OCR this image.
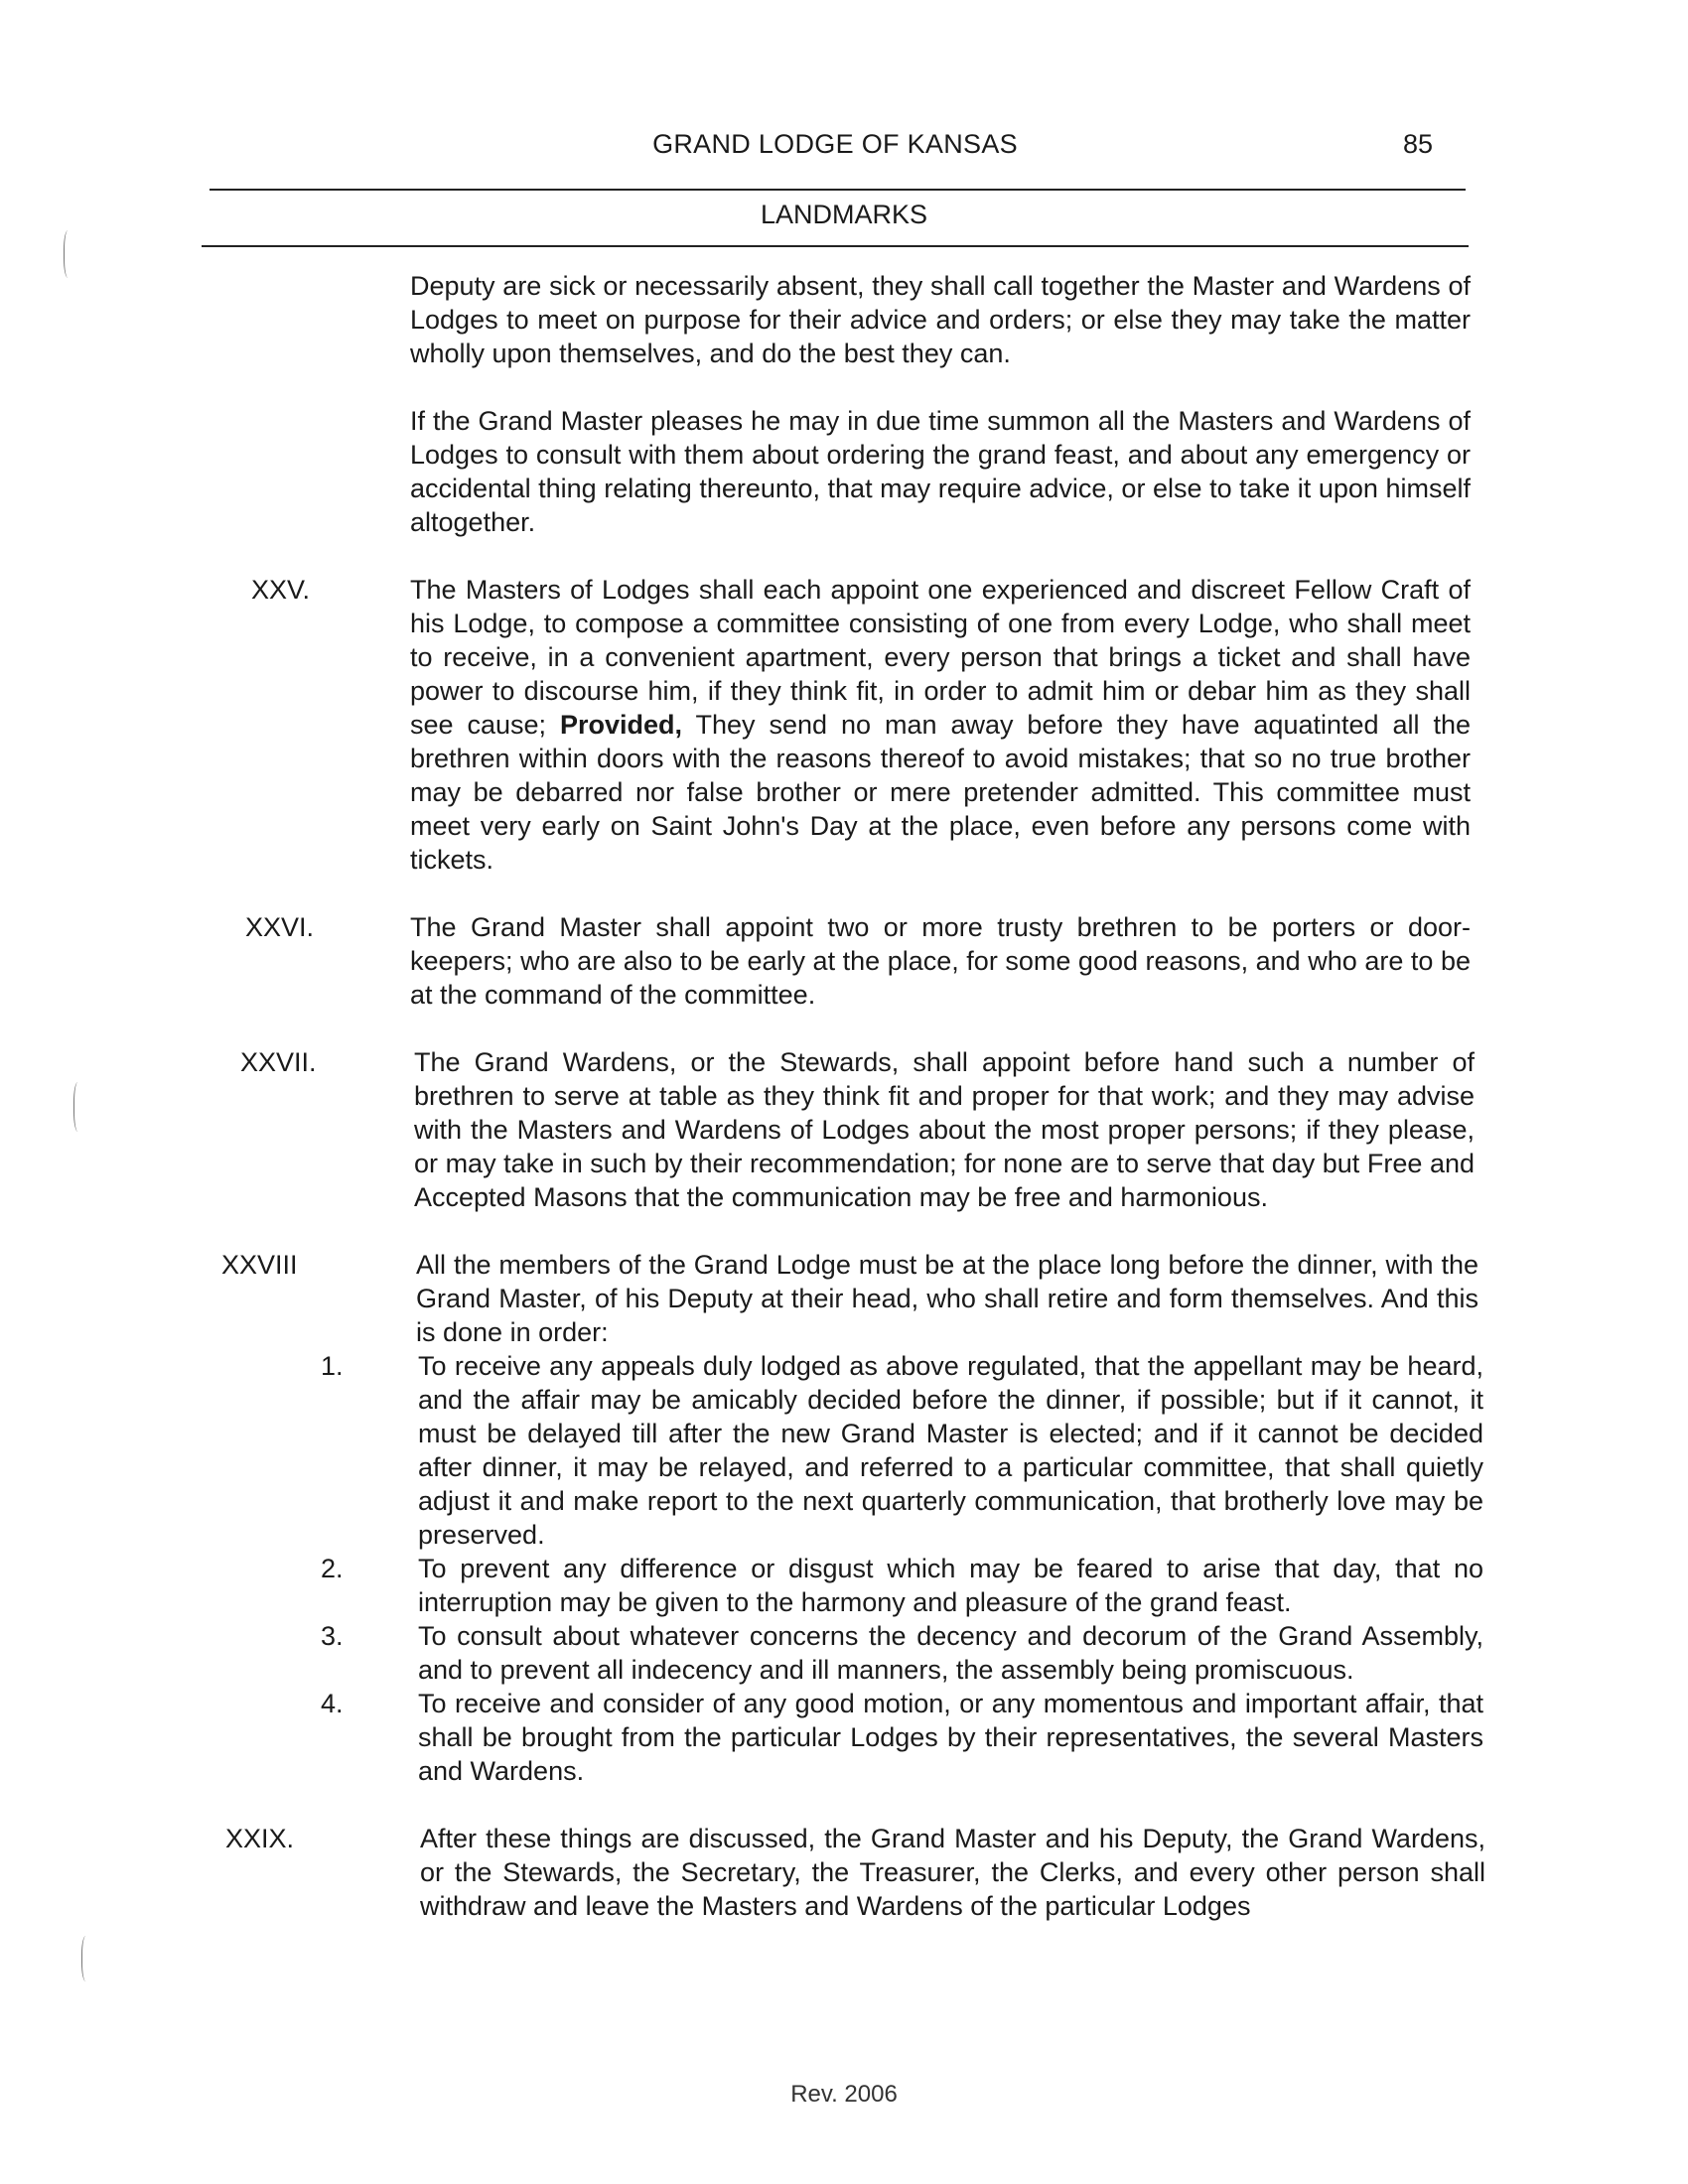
GRAND LODGE OF KANSAS	85
LANDMARKS

Deputy are sick or necessarily absent, they shall call together the Master and Wardens of Lodges to meet on purpose for their advice and orders; or else they may take the matter wholly upon themselves, and do the best they can.

If the Grand Master pleases he may in due time summon all the Masters and Wardens of Lodges to consult with them about ordering the grand feast, and about any emergency or accidental thing relating thereunto, that may require advice, or else to take it upon himself altogether.

XXV.	The Masters of Lodges shall each appoint one experienced and discreet Fellow Craft of his Lodge, to compose a committee consisting of one from every Lodge, who shall meet to receive, in a convenient apartment, every person that brings a ticket and shall have power to discourse him, if they think fit, in order to admit him or debar him as they shall see cause; Provided, They send no man away before they have aquatinted all the brethren within doors with the reasons thereof to avoid mistakes; that so no true brother may be debarred nor false brother or mere pretender admitted. This committee must meet very early on Saint John's Day at the place, even before any persons come with tickets.
XXVI.	The Grand Master shall appoint two or more trusty brethren to be porters or door-keepers; who are also to be early at the place, for some good reasons, and who are to be at the command of the committee.
XXVII.	The Grand Wardens, or the Stewards, shall appoint before hand such a number of brethren to serve at table as they think fit and proper for that work; and they may advise with the Masters and Wardens of Lodges about the most proper persons; if they please, or may take in such by their recommendation; for none are to serve that day but Free and Accepted Masons that the communication may be free and harmonious.
XXVIII	All the members of the Grand Lodge must be at the place long before the dinner, with the Grand Master, of his Deputy at their head, who shall retire and form themselves. And this is done in order:
1.	To receive any appeals duly lodged as above regulated, that the appellant may be heard, and the affair may be amicably decided before the dinner, if possible; but if it cannot, it must be delayed till after the new Grand Master is elected; and if it cannot be decided after dinner, it may be relayed, and referred to a particular committee, that shall quietly adjust it and make report to the next quarterly communication, that brotherly love may be preserved.
2.	To prevent any difference or disgust which may be feared to arise that day, that no interruption may be given to the harmony and pleasure of the grand feast.
3.	To consult about whatever concerns the decency and decorum of the Grand Assembly, and to prevent all indecency and ill manners, the assembly being promiscuous.
4.	To receive and consider of any good motion, or any momentous and important affair, that shall be brought from the particular Lodges by their representatives, the several Masters and Wardens.
XXIX.	After these things are discussed, the Grand Master and his Deputy, the Grand Wardens, or the Stewards, the Secretary, the Treasurer, the Clerks, and every other person shall withdraw and leave the Masters and Wardens of the particular Lodges
Rev. 2006
